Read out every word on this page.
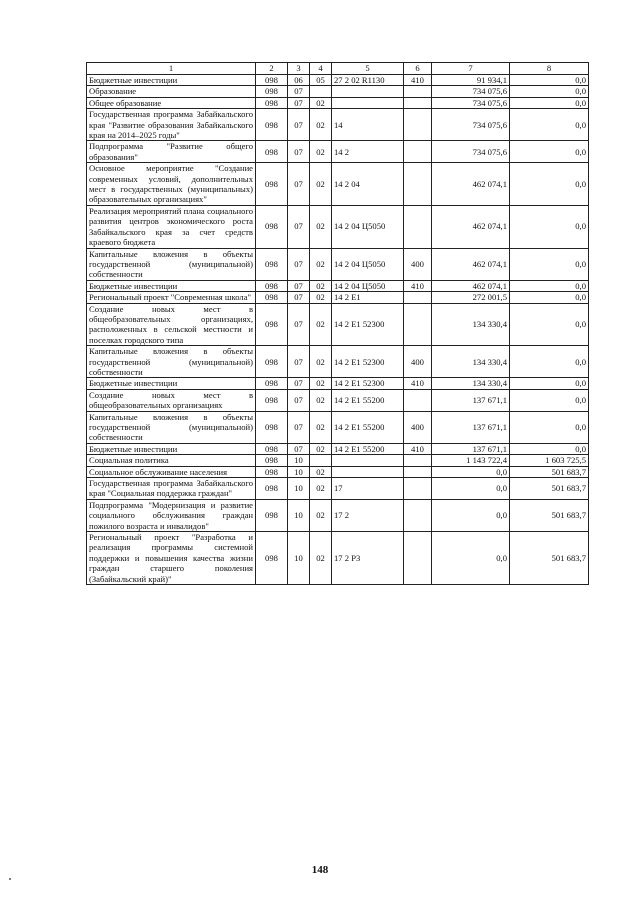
1	2	3	4	5	6	7	8
Бюджетные инвестиции	098	06	05	27 2 02 R1130	410	91 934,1	0,0
Образование	098	07				734 075,6	0,0
Общее образование	098	07	02			734 075,6	0,0
Государственная программа Забайкальского края "Развитие образования Забайкальского края на 2014–2025 годы"	098	07	02	14		734 075,6	0,0
Подпрограмма "Развитие общего образования"	098	07	02	14 2		734 075,6	0,0
Основное мероприятие "Создание современных условий, дополнительных мест в государственных (муниципальных) образовательных организациях"	098	07	02	14 2 04		462 074,1	0,0
Реализация мероприятий плана социального развития центров экономического роста Забайкальского края за счет средств краевого бюджета	098	07	02	14 2 04 Ц5050		462 074,1	0,0
Капитальные вложения в объекты государственной (муниципальной) собственности	098	07	02	14 2 04 Ц5050	400	462 074,1	0,0
Бюджетные инвестиции	098	07	02	14 2 04 Ц5050	410	462 074,1	0,0
Региональный проект "Современная школа"	098	07	02	14 2 E1		272 001,5	0,0
Создание новых мест в общеобразовательных организациях, расположенных в сельской местности и поселках городского типа	098	07	02	14 2 E1 52300		134 330,4	0,0
Капитальные вложения в объекты государственной (муниципальной) собственности	098	07	02	14 2 E1 52300	400	134 330,4	0,0
Бюджетные инвестиции	098	07	02	14 2 E1 52300	410	134 330,4	0,0
Создание новых мест в общеобразовательных организациях	098	07	02	14 2 E1 55200		137 671,1	0,0
Капитальные вложения в объекты государственной (муниципальной) собственности	098	07	02	14 2 E1 55200	400	137 671,1	0,0
Бюджетные инвестиции	098	07	02	14 2 E1 55200	410	137 671,1	0,0
Социальная политика	098	10				1 143 722,4	1 603 725,5
Социальное обслуживание населения	098	10	02			0,0	501 683,7
Государственная программа Забайкальского края "Социальная поддержка граждан"	098	10	02	17		0,0	501 683,7
Подпрограмма "Модернизация и развитие социального обслуживания граждан пожилого возраста и инвалидов"	098	10	02	17 2		0,0	501 683,7
Региональный проект "Разработка и реализация программы системной поддержки и повышения качества жизни граждан старшего поколения (Забайкальский край)"	098	10	02	17 2 P3		0,0	501 683,7
148
